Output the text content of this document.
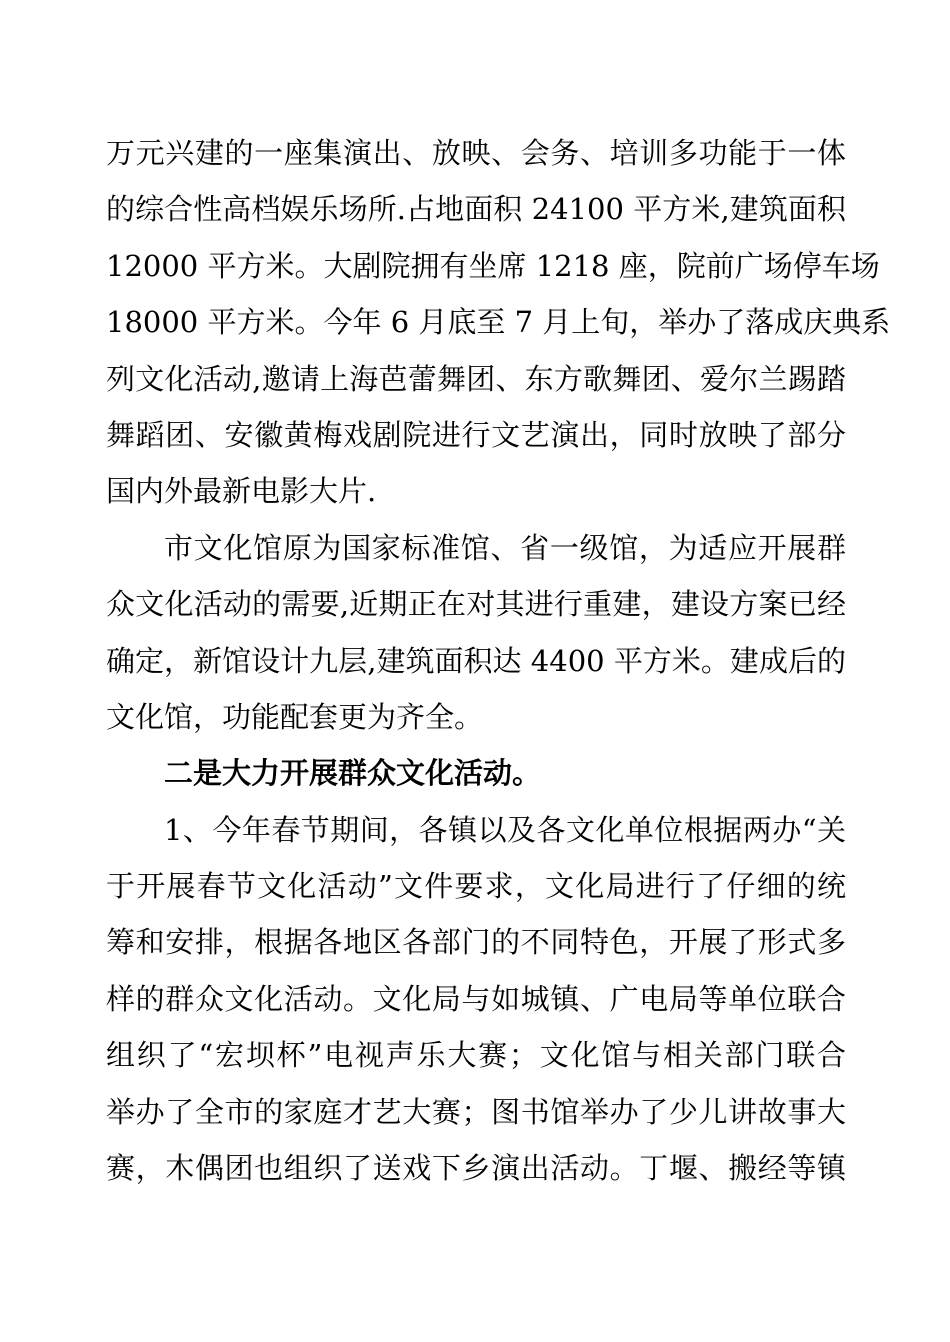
万元兴建的一座集演出、放映、会务、培训多功能于一体
的综合性高档娱乐场所.占地面积 24100 平方米,建筑面积
12000 平方米。大剧院拥有坐席 1218 座，院前广场停车场
18000 平方米。今年 6 月底至 7 月上旬，举办了落成庆典系
列文化活动,邀请上海芭蕾舞团、东方歌舞团、爱尔兰踢踏
舞蹈团、安徽黄梅戏剧院进行文艺演出，同时放映了部分
国内外最新电影大片.
市文化馆原为国家标准馆、省一级馆，为适应开展群
众文化活动的需要,近期正在对其进行重建，建设方案已经
确定，新馆设计九层,建筑面积达 4400 平方米。建成后的
文化馆，功能配套更为齐全。
二是大力开展群众文化活动。
1、今年春节期间，各镇以及各文化单位根据两办“关
于开展春节文化活动”文件要求，文化局进行了仔细的统
筹和安排，根据各地区各部门的不同特色，开展了形式多
样的群众文化活动。文化局与如城镇、广电局等单位联合
组织了“宏坝杯”电视声乐大赛；文化馆与相关部门联合
举办了全市的家庭才艺大赛；图书馆举办了少儿讲故事大
赛，木偶团也组织了送戏下乡演出活动。丁堰、搬经等镇
